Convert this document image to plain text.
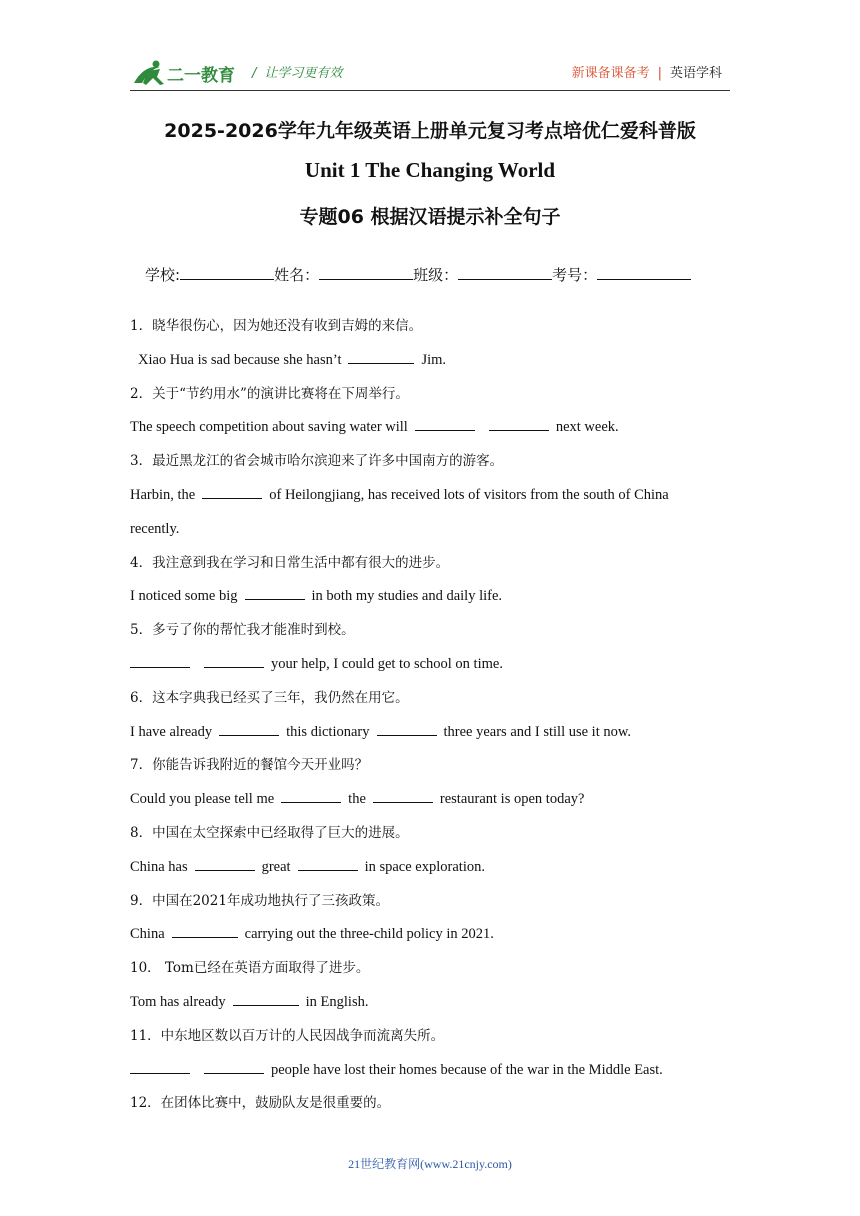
二一教育 / 让学习更有效	新课备课备考 | 英语学科
2025-2026学年九年级英语上册单元复习考点培优仁爱科普版
Unit 1 The Changing World
专题06 根据汉语提示补全句子
学校:	姓名：	班级：	考号：
1．晓华很伤心，因为她还没有收到吉姆的来信。
Xiao Hua is sad because she hasn’t	Jim.
2．关于“节约用水”的演讲比赛将在下周举行。
The speech competition about saving water will	next week.
3．最近黑龙江的省会城市哈尔滨迎来了许多中国南方的游客。
Harbin, the	of Heilongjiang, has received lots of visitors from the south of China
recently.
4．我注意到我在学习和日常生活中都有很大的进步。
I noticed some big	in both my studies and daily life.
5．多亏了你的帮忙我才能准时到校。
your help, I could get to school on time.
6．这本字典我已经买了三年，我仍然在用它。
I have already	this dictionary	three years and I still use it now.
7．你能告诉我附近的餐馆今天开业吗？
Could you please tell me	the	restaurant is open today?
8．中国在太空探索中已经取得了巨大的进展。
China has	great	in space exploration.
9．中国在2021年成功地执行了三孩政策。
China	carrying out the three-child policy in 2021.
10． Tom已经在英语方面取得了进步。
Tom has already	in English.
11．中东地区数以百万计的人民因战争而流离失所。
people have lost their homes because of the war in the Middle East.
12．在团体比赛中，鼓励队友是很重要的。
21世纪教育网(www.21cnjy.com)
